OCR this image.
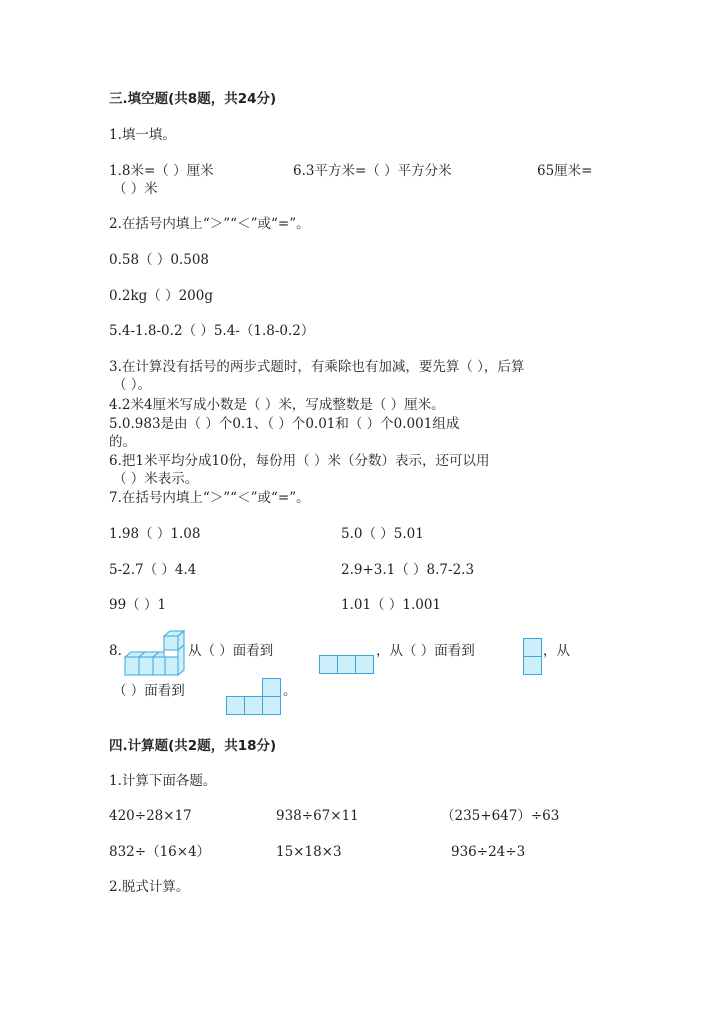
三.填空题(共8题，共24分)
1.填一填。
1.8米=（ ）厘米	6.3平方米=（ ）平方分米	65厘米=
（ ）米
2.在括号内填上“＞”“＜”或“=”。
0.58（ ）0.508
0.2kg（ ）200g
5.4-1.8-0.2（ ）5.4-（1.8-0.2）
3.在计算没有括号的两步式题时，有乘除也有加减，要先算（ ），后算
（ ）。
4.2米4厘米写成小数是（ ）米，写成整数是（ ）厘米。
5.0.983是由（ ）个0.1、（ ）个0.01和（ ）个0.001组成
的。
6.把1米平均分成10份，每份用（ ）米（分数）表示，还可以用
（ ）米表示。
7.在括号内填上“＞”“＜”或“=”。
1.98（ ）1.08	5.0（ ）5.01
5-2.7（ ）4.4	2.9+3.1（ ）8.7-2.3
99（ ）1	1.01（ ）1.001
8.	从（ ）面看到	，从（ ）面看到	，从
（ ）面看到	。
四.计算题(共2题，共18分)
1.计算下面各题。
420÷28×17	938÷67×11	（235+647）÷63
832÷（16×4）	15×18×3	936÷24÷3
2.脱式计算。
